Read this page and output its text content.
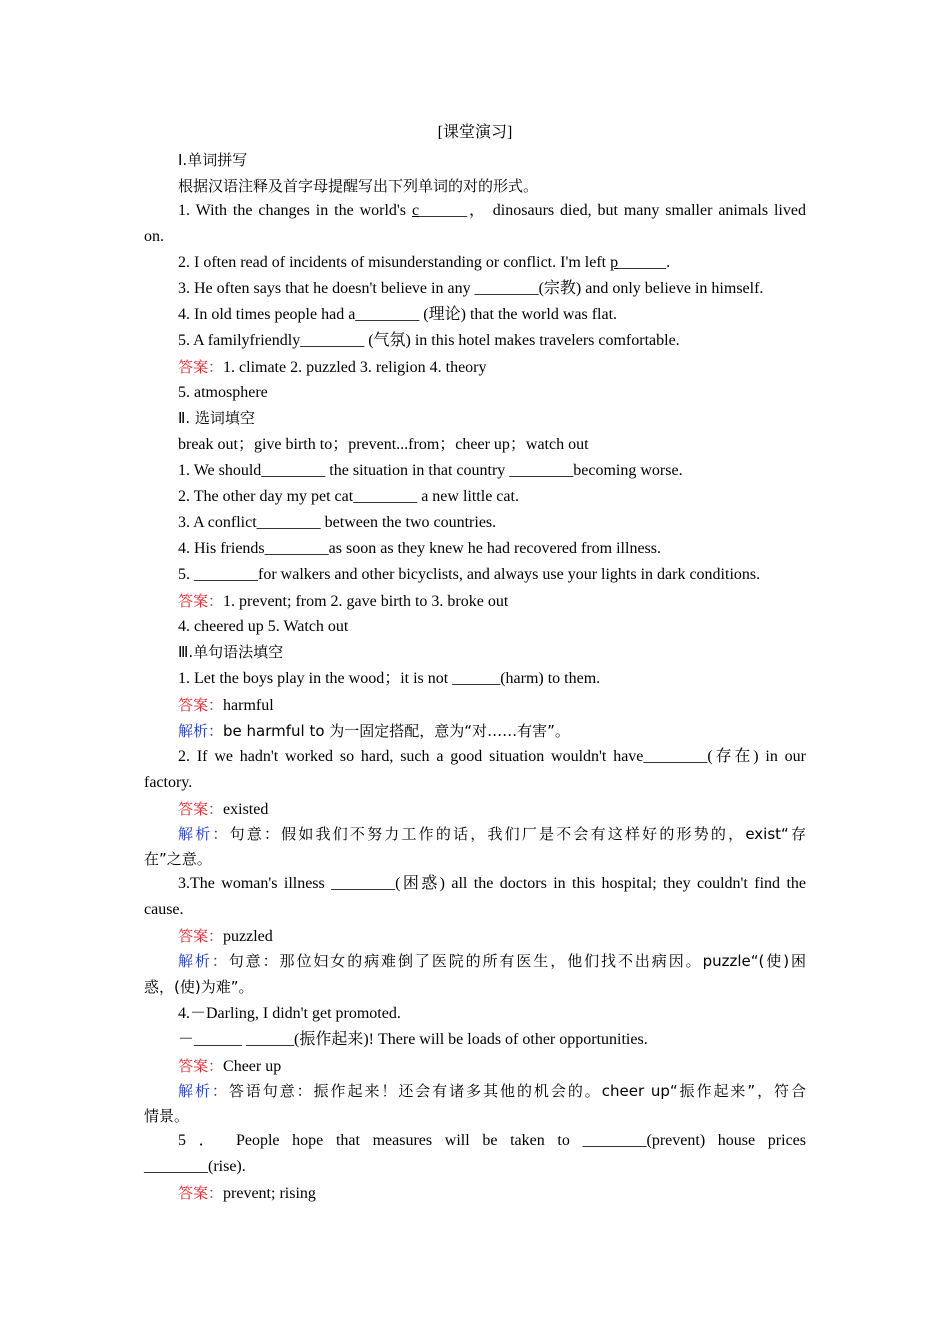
[课堂演习]
Ⅰ.单词拼写
根据汉语注释及首字母提醒写出下列单词的对的形式。
1. With the changes in the world's c______， dinosaurs died, but many smaller animals lived
on.
2. I often read of incidents of misunderstanding or conflict. I'm left p______.
3. He often says that he doesn't believe in any ________(宗教) and only believe in himself.
4. In old times people had a________ (理论) that the world was flat.
5. A familyfriendly________ (气氛) in this hotel makes travelers comfortable.
答案：1. climate 2. puzzled 3. religion 4. theory
5. atmosphere
Ⅱ. 选词填空
break out；give birth to；prevent...from；cheer up；watch out
1. We should________ the situation in that country ________becoming worse.
2. The other day my pet cat________ a new little cat.
3. A conflict________ between the two countries.
4. His friends________as soon as they knew he had recovered from illness.
5. ________for walkers and other bicyclists, and always use your lights in dark conditions.
答案：1. prevent; from 2. gave birth to 3. broke out
4. cheered up 5. Watch out
Ⅲ.单句语法填空
1. Let the boys play in the wood；it is not ______(harm) to them.
答案：harmful
解析：be harmful to 为一固定搭配，意为“对……有害”。
2. If we hadn't worked so hard, such a good situation wouldn't have________(存在) in our
factory.
答案：existed
解析：句意：假如我们不努力工作的话，我们厂是不会有这样好的形势的，exist“存
在”之意。
3.The woman's illness ________(困惑) all the doctors in this hospital; they couldn't find the
cause.
答案：puzzled
解析：句意：那位妇女的病难倒了医院的所有医生，他们找不出病因。puzzle“(使)困
惑，(使)为难”。
4.－Darling, I didn't get promoted.
－______ ______(振作起来)! There will be loads of other opportunities.
答案：Cheer up
解析：答语句意：振作起来！还会有诸多其他的机会的。cheer up“振作起来”，符合
情景。
5 ． People hope that measures will be taken to ________(prevent) house prices
________(rise).
答案：prevent; rising
